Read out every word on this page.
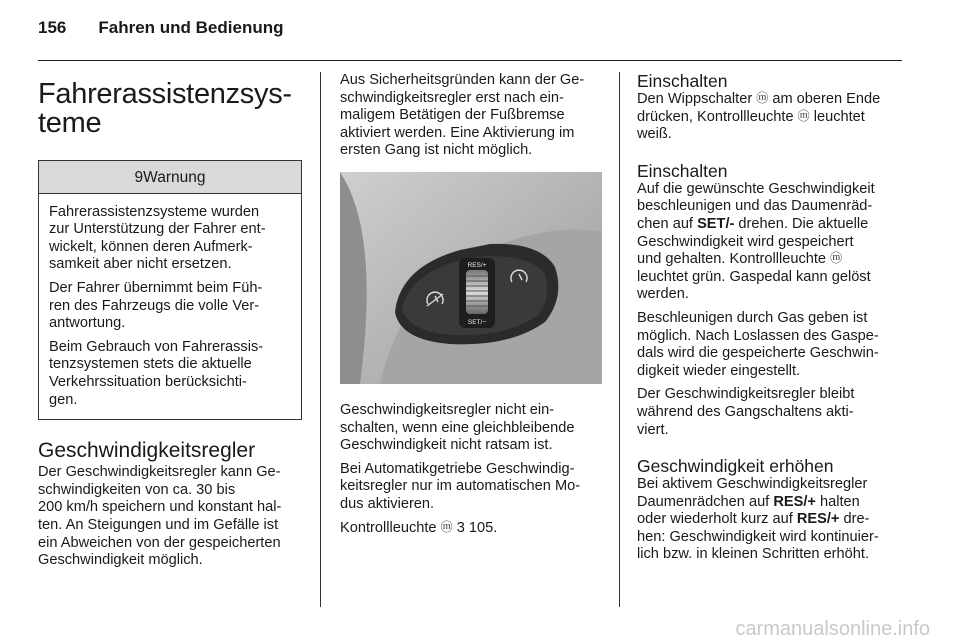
156 Fahren und Bedienung
Fahrerassistenzsys-
teme
9Warnung

Fahrerassistenzsysteme wurden
zur Unterstützung der Fahrer ent-
wickelt, können deren Aufmerk-
samkeit aber nicht ersetzen.

Der Fahrer übernimmt beim Füh-
ren des Fahrzeugs die volle Ver-
antwortung.

Beim Gebrauch von Fahrerassis-
tenzsystemen stets die aktuelle
Verkehrssituation berücksichti-
gen.

Geschwindigkeitsregler

Der Geschwindigkeitsregler kann Ge-
schwindigkeiten von ca. 30 bis
200 km/h speichern und konstant hal-
ten. An Steigungen und im Gefälle ist
ein Abweichen von der gespeicherten
Geschwindigkeit möglich.

Aus Sicherheitsgründen kann der Ge-
schwindigkeitsregler erst nach ein-
maligem Betätigen der Fußbremse
aktiviert werden. Eine Aktivierung im
ersten Gang ist nicht möglich.

RES/+
SET/−

Geschwindigkeitsregler nicht ein-
schalten, wenn eine gleichbleibende
Geschwindigkeit nicht ratsam ist.

Bei Automatikgetriebe Geschwindig-
keitsregler nur im automatischen Mo-
dus aktivieren.

Kontrollleuchte ⓜ 3 105.

Einschalten

Den Wippschalter ⓜ am oberen Ende
drücken, Kontrollleuchte ⓜ leuchtet
weiß.

Einschalten

Auf die gewünschte Geschwindigkeit
beschleunigen und das Daumenräd-
chen auf SET/- drehen. Die aktuelle
Geschwindigkeit wird gespeichert
und gehalten. Kontrollleuchte ⓜ
leuchtet grün. Gaspedal kann gelöst
werden.

Beschleunigen durch Gas geben ist
möglich. Nach Loslassen des Gaspe-
dals wird die gespeicherte Geschwin-
digkeit wieder eingestellt.

Der Geschwindigkeitsregler bleibt
während des Gangschaltens akti-
viert.

Geschwindigkeit erhöhen

Bei aktivem Geschwindigkeitsregler
Daumenrädchen auf RES/+ halten
oder wiederholt kurz auf RES/+ dre-
hen: Geschwindigkeit wird kontinuier-
lich bzw. in kleinen Schritten erhöht.

carmanualsonline.info
